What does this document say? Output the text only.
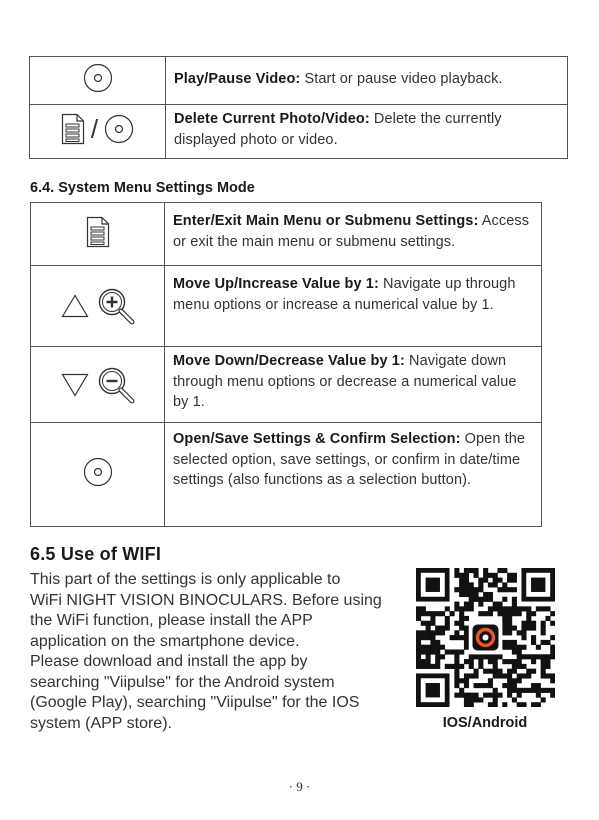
	Play/Pause Video: Start or pause video playback.

/	Delete Current Photo/Video: Delete the currently displayed photo or video.
6.4. System Menu Settings Mode
	Enter/Exit Main Menu or Submenu Settings: Access or exit the main menu or submenu settings.

	Move Up/Increase Value by 1: Navigate up through menu options or increase a numerical value by 1.

	Move Down/Decrease Value by 1: Navigate down through menu options or decrease a numerical value by 1.

	Open/Save Settings & Confirm Selection: Open the selected option, save settings, or confirm in date/time settings (also functions as a selection button).
6.5 Use of WIFI
This part of the settings is only applicable to
WiFi NIGHT VISION BINOCULARS. Before using
the WiFi function, please install the APP
application on the smartphone device.
Please download and install the app by
searching "Viipulse" for the Android system
(Google Play), searching "Viipulse" for the IOS
system (APP store).	IOS/Android
· 9 ·
